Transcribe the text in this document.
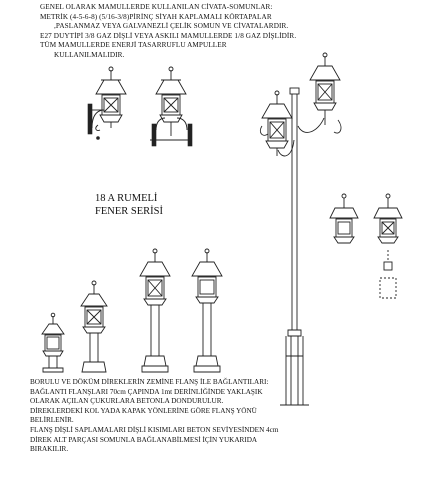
GENEL OLARAK MAMULLERDE KULLANILAN CİVATA-SOMUNLAR:
METRİK (4-5-6-8) (5/16-3/8)PİRİNÇ SİYAH KAPLAMALI KÖRTAPALAR
,PASLANMAZ VEYA GALVANEZLİ ÇELİK SOMUN VE CİVATALARDIR.
E27 DUYTİPİ 3/8 GAZ DİŞLİ VEYA ASKILI MAMULLERDE 1/8 GAZ DİŞLİDİR.
TÜM MAMULLERDE ENERJİ TASARRUFLU AMPULLER
KULLANILMALIDIR.
18 A RUMELİ
FENER SERİSİ
BORULU VE DÖKÜM DİREKLERİN ZEMİNE FLANŞ İLE BAĞLANTILARI:
BAĞLANTI FLANŞLARI 70cm ÇAPINDA 1mt DERİNLİĞİNDE YAKLAŞIK
OLARAK AÇILAN ÇUKURLARA BETONLA DONDURULUR.
DİREKLERDEKİ KOL YADA KAPAK YÖNLERİNE GÖRE FLANŞ YÖNÜ
BELİRLENİR.
FLANŞ DİŞLİ SAPLAMALARI DİŞLİ KISIMLARI BETON SEVİYESİNDEN 4cm
DİREK ALT PARÇASI SOMUNLA BAĞLANABİLMESİ İÇİN YUKARIDA
BIRAKILIR.
